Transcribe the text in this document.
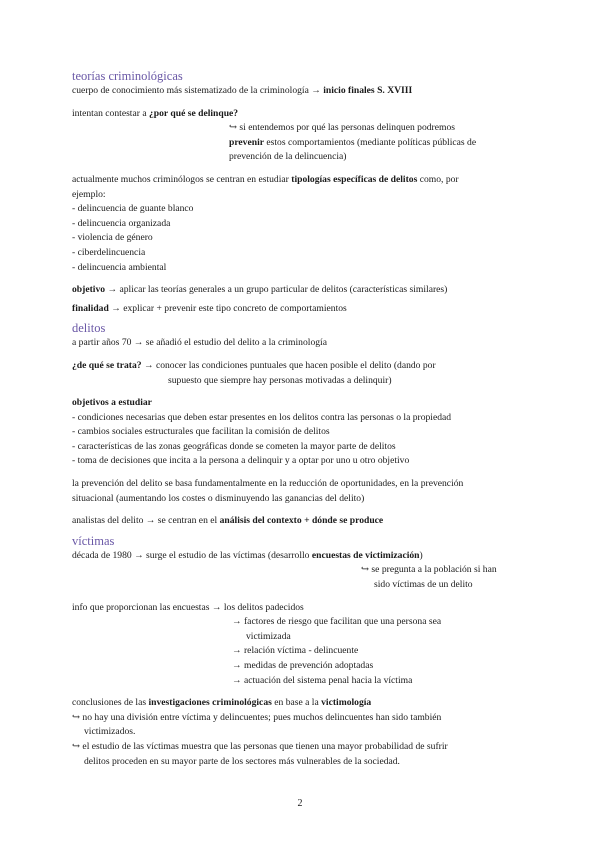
teorías criminológicas

cuerpo de conocimiento más sistematizado de la criminología → inicio finales S. XVIII

intentan contestar a ¿por qué se delinque?

↪ si entendemos por qué las personas delinquen podremos

prevenir estos comportamientos (mediante políticas públicas de

prevención de la delincuencia)

actualmente muchos criminólogos se centran en estudiar tipologías específicas de delitos como, por

ejemplo:

- delincuencia de guante blanco

- delincuencia organizada

- violencia de género

- ciberdelincuencia

- delincuencia ambiental

objetivo → aplicar las teorías generales a un grupo particular de delitos (características similares)

finalidad → explicar + prevenir este tipo concreto de comportamientos

delitos

a partir años 70 → se añadió el estudio del delito a la criminología

¿de qué se trata? → conocer las condiciones puntuales que hacen posible el delito (dando por

supuesto que siempre hay personas motivadas a delinquir)

objetivos a estudiar

- condiciones necesarias que deben estar presentes en los delitos contra las personas o la propiedad

- cambios sociales estructurales que facilitan la comisión de delitos

- características de las zonas geográficas donde se cometen la mayor parte de delitos

- toma de decisiones que incita a la persona a delinquir y a optar por uno u otro objetivo

la prevención del delito se basa fundamentalmente en la reducción de oportunidades, en la prevención

situacional (aumentando los costes o disminuyendo las ganancias del delito)

analistas del delito → se centran en el análisis del contexto + dónde se produce

víctimas

década de 1980 → surge el estudio de las víctimas (desarrollo encuestas de victimización)

↪ se pregunta a la población si han

sido víctimas de un delito

info que proporcionan las encuestas → los delitos padecidos

→ factores de riesgo que facilitan que una persona sea

victimizada

→ relación víctima - delincuente

→ medidas de prevención adoptadas

→ actuación del sistema penal hacia la víctima

conclusiones de las investigaciones criminológicas en base a la victimología

↪ no hay una división entre víctima y delincuentes; pues muchos delincuentes han sido también

victimizados.

↪ el estudio de las víctimas muestra que las personas que tienen una mayor probabilidad de sufrir

delitos proceden en su mayor parte de los sectores más vulnerables de la sociedad.

2
